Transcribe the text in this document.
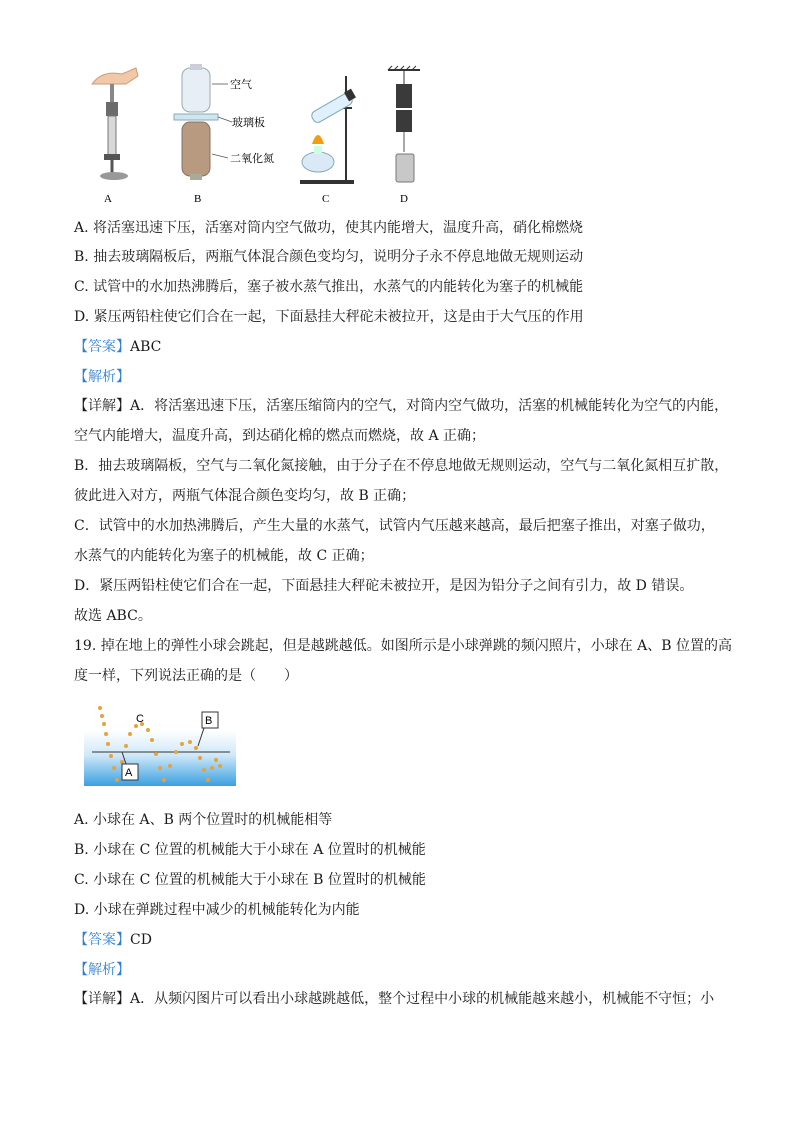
A
空气
玻璃板
二氧化氮
B	C	D
A. 将活塞迅速下压，活塞对筒内空气做功，使其内能增大，温度升高，硝化棉燃烧
B. 抽去玻璃隔板后，两瓶气体混合颜色变均匀，说明分子永不停息地做无规则运动
C. 试管中的水加热沸腾后，塞子被水蒸气推出，水蒸气的内能转化为塞子的机械能
D. 紧压两铅柱使它们合在一起，下面悬挂大秤砣未被拉开，这是由于大气压的作用
【答案】ABC
【解析】
【详解】A．将活塞迅速下压，活塞压缩筒内的空气，对筒内空气做功，活塞的机械能转化为空气的内能，
空气内能增大，温度升高，到达硝化棉的燃点而燃烧，故 A 正确；
B．抽去玻璃隔板，空气与二氧化氮接触，由于分子在不停息地做无规则运动，空气与二氧化氮相互扩散，
彼此进入对方，两瓶气体混合颜色变均匀，故 B 正确；
C．试管中的水加热沸腾后，产生大量的水蒸气，试管内气压越来越高，最后把塞子推出，对塞子做功，
水蒸气的内能转化为塞子的机械能，故 C 正确；
D．紧压两铅柱使它们合在一起，下面悬挂大秤砣未被拉开，是因为铅分子之间有引力，故 D 错误。
故选 ABC。
19. 掉在地上的弹性小球会跳起，但是越跳越低。如图所示是小球弹跳的频闪照片，小球在 A、B 位置的高
度一样，下列说法正确的是（　　）
C	B
A
A. 小球在 A、B 两个位置时的机械能相等
B. 小球在 C 位置的机械能大于小球在 A 位置时的机械能
C. 小球在 C 位置的机械能大于小球在 B 位置时的机械能
D. 小球在弹跳过程中减少的机械能转化为内能
【答案】CD
【解析】
【详解】A．从频闪图片可以看出小球越跳越低，整个过程中小球的机械能越来越小，机械能不守恒；小
